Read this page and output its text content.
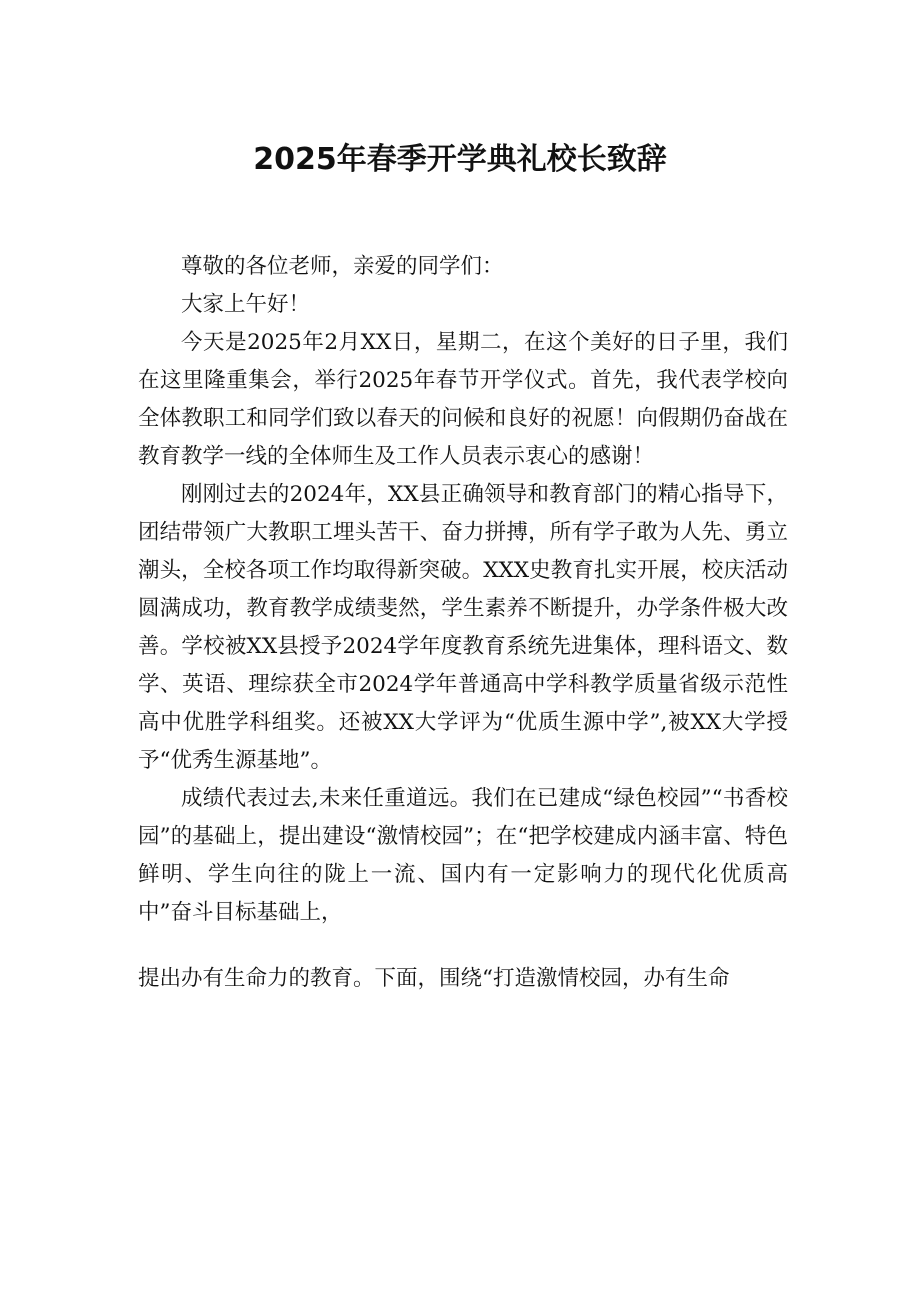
2025年春季开学典礼校长致辞

尊敬的各位老师，亲爱的同学们：

大家上午好！

今天是2025年2月XX日，星期二，在这个美好的日子里，我们在这里隆重集会，举行2025年春节开学仪式。首先，我代表学校向全体教职工和同学们致以春天的问候和良好的祝愿！向假期仍奋战在教育教学一线的全体师生及工作人员表示衷心的感谢！

刚刚过去的2024年，XX县正确领导和教育部门的精心指导下，团结带领广大教职工埋头苦干、奋力拼搏，所有学子敢为人先、勇立潮头，全校各项工作均取得新突破。XXX史教育扎实开展，校庆活动圆满成功，教育教学成绩斐然，学生素养不断提升，办学条件极大改善。学校被XX县授予2024学年度教育系统先进集体，理科语文、数学、英语、理综获全市2024学年普通高中学科教学质量省级示范性高中优胜学科组奖。还被XX大学评为“优质生源中学”,被XX大学授予“优秀生源基地”。

成绩代表过去,未来任重道远。我们在已建成“绿色校园”“书香校园”的基础上，提出建设“激情校园”；在“把学校建成内涵丰富、特色鲜明、学生向往的陇上一流、国内有一定影响力的现代化优质高中”奋斗目标基础上，

提出办有生命力的教育。下面，围绕“打造激情校园，办有生命
